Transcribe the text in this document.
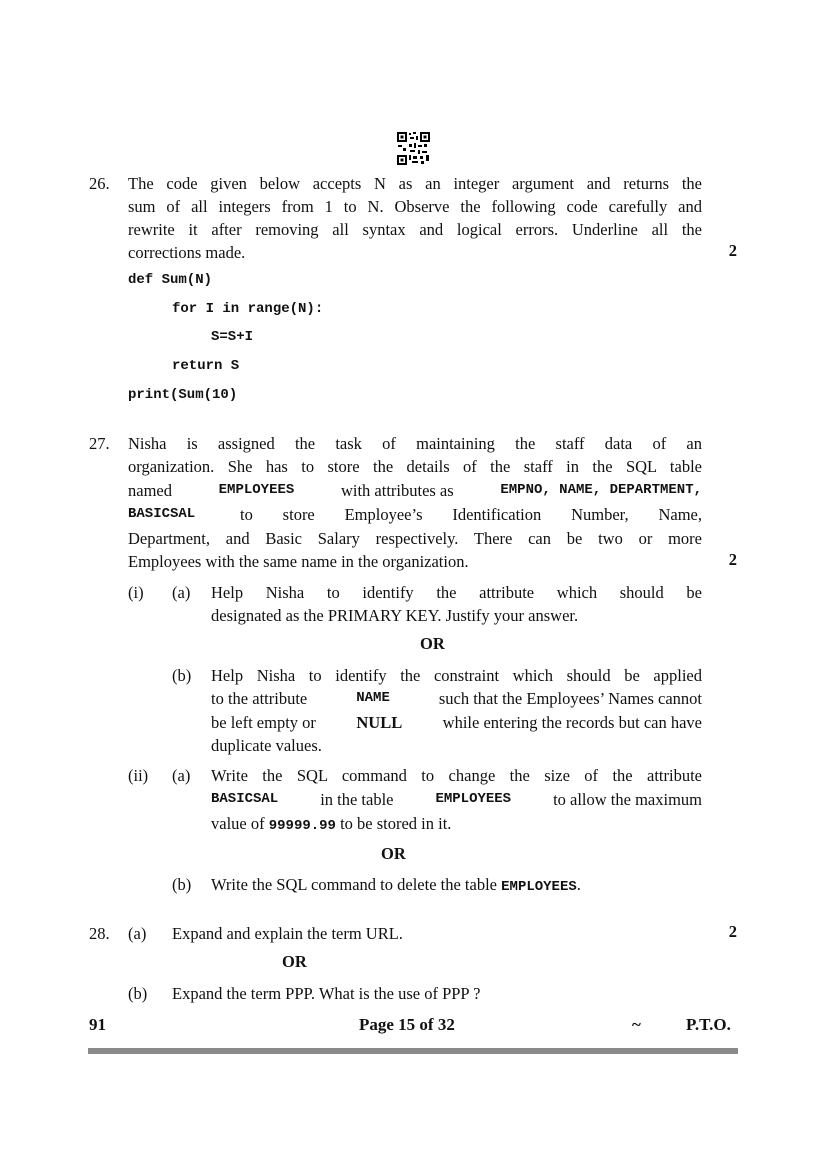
26. The code given below accepts N as an integer argument and returns the
sum of all integers from 1 to N. Observe the following code carefully and
rewrite it after removing all syntax and logical errors. Underline all the
corrections made.	2
def Sum(N)
for I in range(N):
S=S+I
return S
print(Sum(10)
27. Nisha is assigned the task of maintaining the staff data of an
organization. She has to store the details of the staff in the SQL table
named	EMPLOYEES	with attributes as	EMPNO, NAME, DEPARTMENT,
BASICSAL	to store Employee’s Identification Number, Name,
Department, and Basic Salary respectively. There can be two or more
Employees with the same name in the organization.	2
(i) (a) Help Nisha to identify the attribute which should be
designated as the PRIMARY KEY. Justify your answer.
OR
(b) Help Nisha to identify the constraint which should be applied
to the attribute	NAME	such that the Employees’ Names cannot
be left empty or NULL while entering the records but can have
duplicate values.
(ii) (a) Write the SQL command to change the size of the attribute
BASICSAL	in the table	EMPLOYEES	to allow the maximum
value of 99999.99 to be stored in it.
OR
(b) Write the SQL command to delete the table EMPLOYEES.
28. (a) Expand and explain the term URL.	2
OR
(b) Expand the term PPP. What is the use of PPP ?
91	Page 15 of 32	~	P.T.O.
